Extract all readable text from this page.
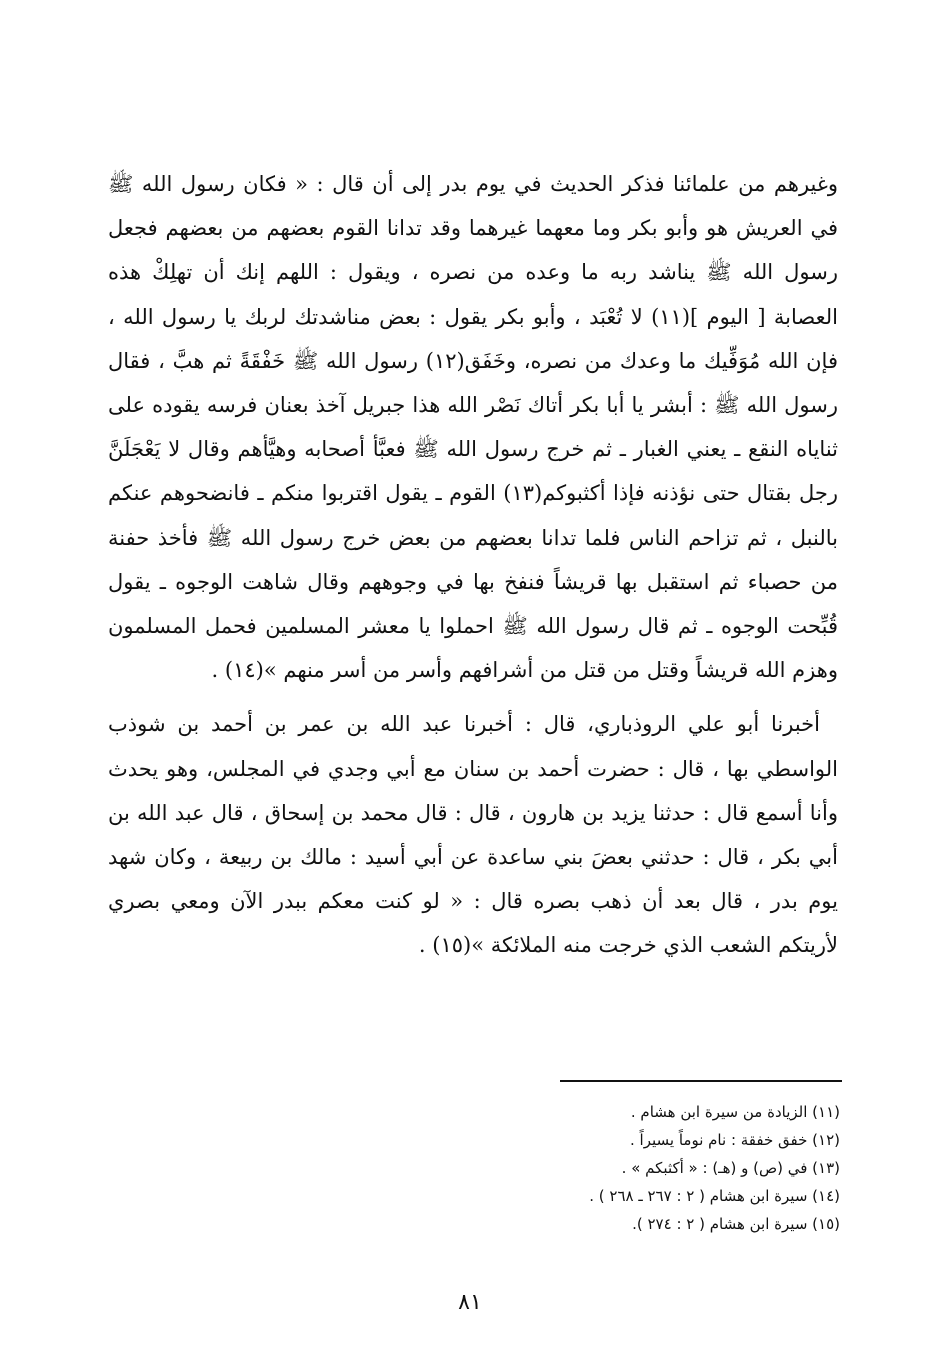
وغيرهم من علمائنا فذكر الحديث في يوم بدر إلى أن قال : « فكان رسول الله ﷺ في العريش هو وأبو بكر وما معهما غيرهما وقد تدانا القوم بعضهم من بعضهم فجعل رسول الله ﷺ يناشد ربه ما وعده من نصره ، ويقول : اللهم إنك أن تهلِكْ هذه العصابة [ اليوم ](١١) لا تُعْبَد ، وأبو بكر يقول : بعض مناشدتك لربك يا رسول الله ، فإن الله مُوَفِّيك ما وعدك من نصره، وخَفَق(١٢) رسول الله ﷺ خَفْقَةً ثم هبَّ ، فقال رسول الله ﷺ : أبشر يا أبا بكر أتاك نَصْر الله هذا جبريل آخذ بعنان فرسه يقوده على ثناياه النقع ـ يعني الغبار ـ ثم خرج رسول الله ﷺ فعبَّأ أصحابه وهيَّأهم وقال لا يَعْجَلَنَّ رجل بقتال حتى نؤذنه فإذا أكثبوكم(١٣) القوم ـ يقول اقتربوا منكم ـ فانضحوهم عنكم بالنبل ، ثم تزاحم الناس فلما تدانا بعضهم من بعض خرج رسول الله ﷺ فأخذ حفنة من حصباء ثم استقبل بها قريشاً فنفخ بها في وجوههم وقال شاهت الوجوه ـ يقول قُبِّحت الوجوه ـ ثم قال رسول الله ﷺ احملوا يا معشر المسلمين فحمل المسلمون وهزم الله قريشاً وقتل من قتل من أشرافهم وأسر من أسر منهم »(١٤) .

أخبرنا أبو علي الروذباري، قال : أخبرنا عبد الله بن عمر بن أحمد بن شوذب الواسطي بها ، قال : حضرت أحمد بن سنان مع أبي وجدي في المجلس، وهو يحدث وأنا أسمع قال : حدثنا يزيد بن هارون ، قال : قال محمد بن إسحاق ، قال عبد الله بن أبي بكر ، قال : حدثني بعضَ بني ساعدة عن أبي أسيد : مالك بن ربيعة ، وكان شهد يوم بدر ، قال بعد أن ذهب بصره قال : « لو كنت معكم ببدر الآن ومعي بصري لأريتكم الشعب الذي خرجت منه الملائكة »(١٥) .

(١١) الزيادة من سيرة ابن هشام .

(١٢) خفق خفقة : نام نوماً يسيراً .

(١٣) في (ص) و (هـ) : « أكثبكم » .

(١٤) سيرة ابن هشام ( ٢ : ٢٦٧ ـ ٢٦٨ ) .

(١٥) سيرة ابن هشام ( ٢ : ٢٧٤ ).

٨١
